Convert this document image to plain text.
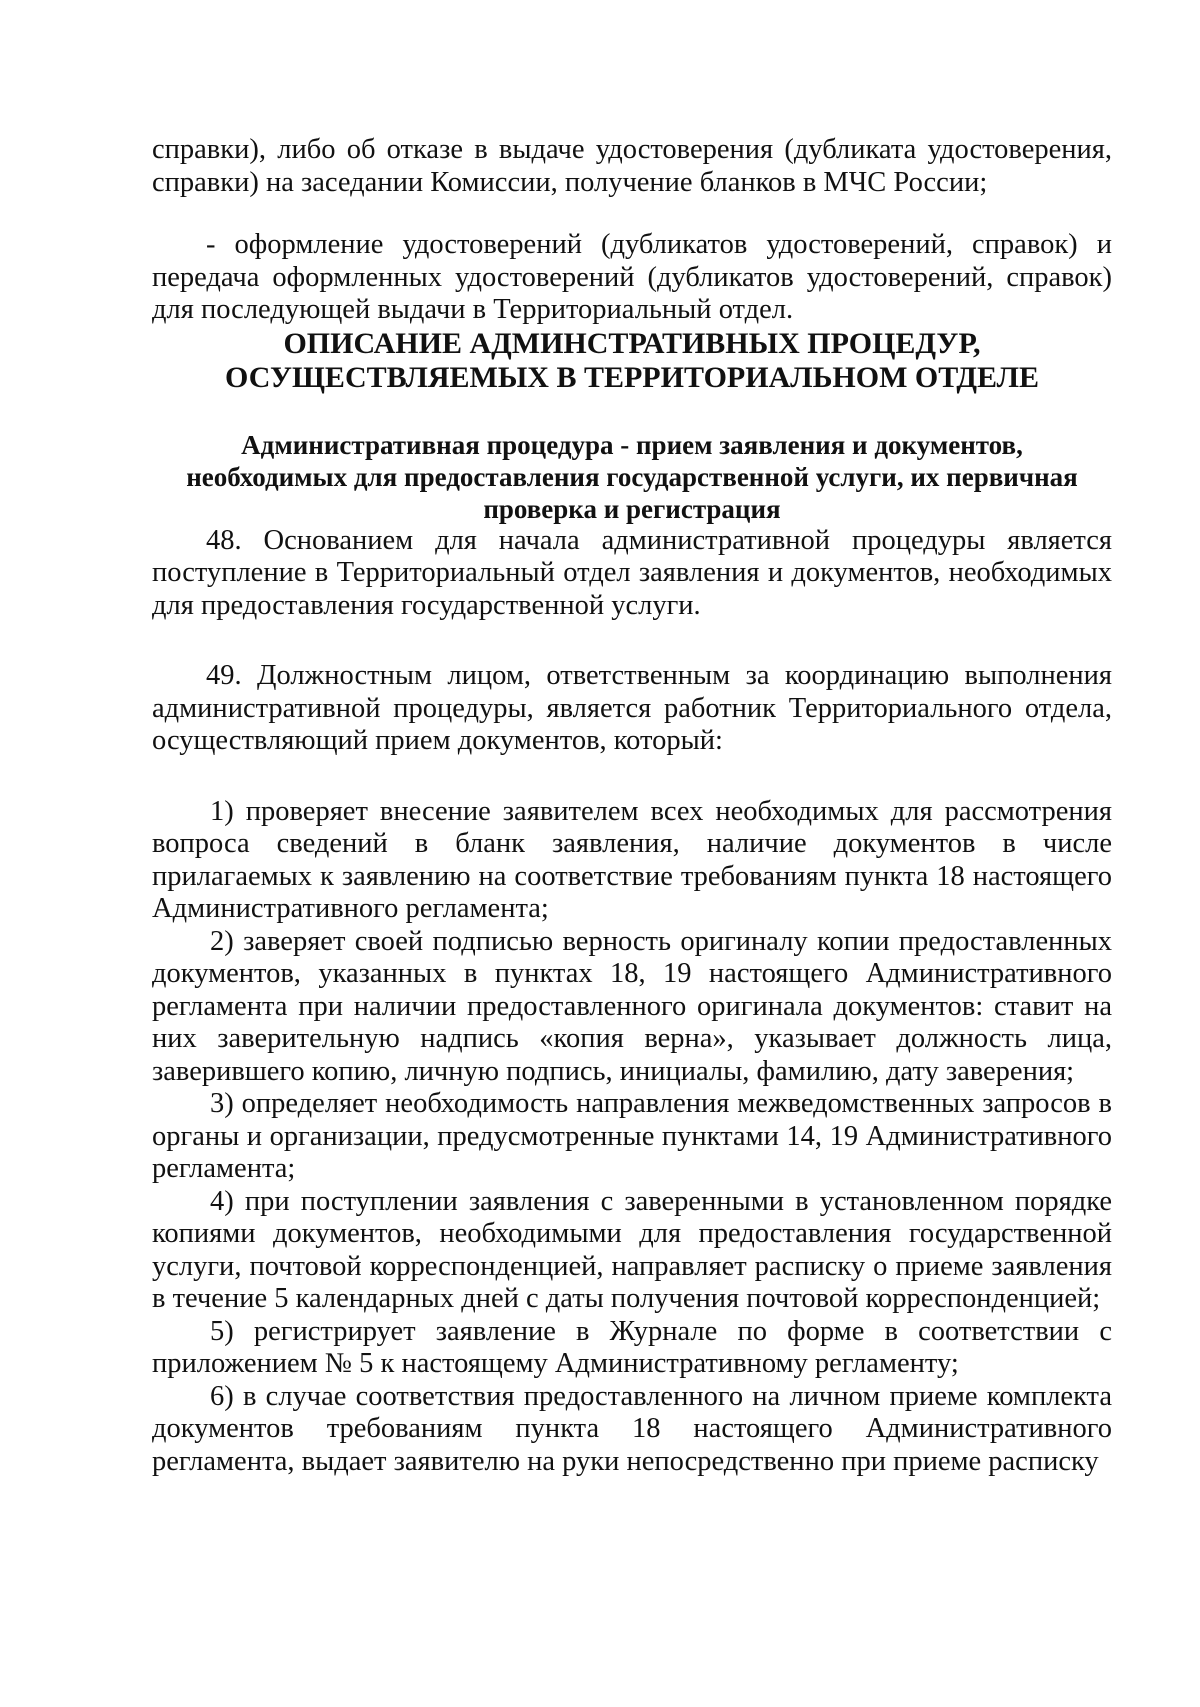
справки), либо об отказе в выдаче удостоверения (дубликата удостоверения, справки) на заседании Комиссии, получение бланков в МЧС России;

- оформление удостоверений (дубликатов удостоверений, справок) и передача оформленных удостоверений (дубликатов удостоверений, справок) для последующей выдачи в Территориальный отдел.

ОПИСАНИЕ АДМИНСТРАТИВНЫХ ПРОЦЕДУР,
ОСУЩЕСТВЛЯЕМЫХ В ТЕРРИТОРИАЛЬНОМ ОТДЕЛЕ
Административная процедура - прием заявления и документов,
необходимых для предоставления государственной услуги, их первичная
проверка и регистрация

48. Основанием для начала административной процедуры является поступление в Территориальный отдел заявления и документов, необходимых для предоставления государственной услуги.

49. Должностным лицом, ответственным за координацию выполнения административной процедуры, является работник Территориального отдела, осуществляющий прием документов, который:

1) проверяет внесение заявителем всех необходимых для рассмотрения вопроса сведений в бланк заявления, наличие документов в числе прилагаемых к заявлению на соответствие требованиям пункта 18 настоящего Административного регламента;

2) заверяет своей подписью верность оригиналу копии предоставленных документов, указанных в пунктах 18, 19 настоящего Административного регламента при наличии предоставленного оригинала документов: ставит на них заверительную надпись «копия верна», указывает должность лица, заверившего копию, личную подпись, инициалы, фамилию, дату заверения;

3) определяет необходимость направления межведомственных запросов в органы и организации, предусмотренные пунктами 14, 19 Административного регламента;

4) при поступлении заявления с заверенными в установленном порядке копиями документов, необходимыми для предоставления государственной услуги, почтовой корреспонденцией, направляет расписку о приеме заявления в течение 5 календарных дней с даты получения почтовой корреспонденцией;

5) регистрирует заявление в Журнале по форме в соответствии с приложением № 5 к настоящему Административному регламенту;

6) в случае соответствия предоставленного на личном приеме комплекта документов требованиям пункта 18 настоящего Административного регламента, выдает заявителю на руки непосредственно при приеме расписку
